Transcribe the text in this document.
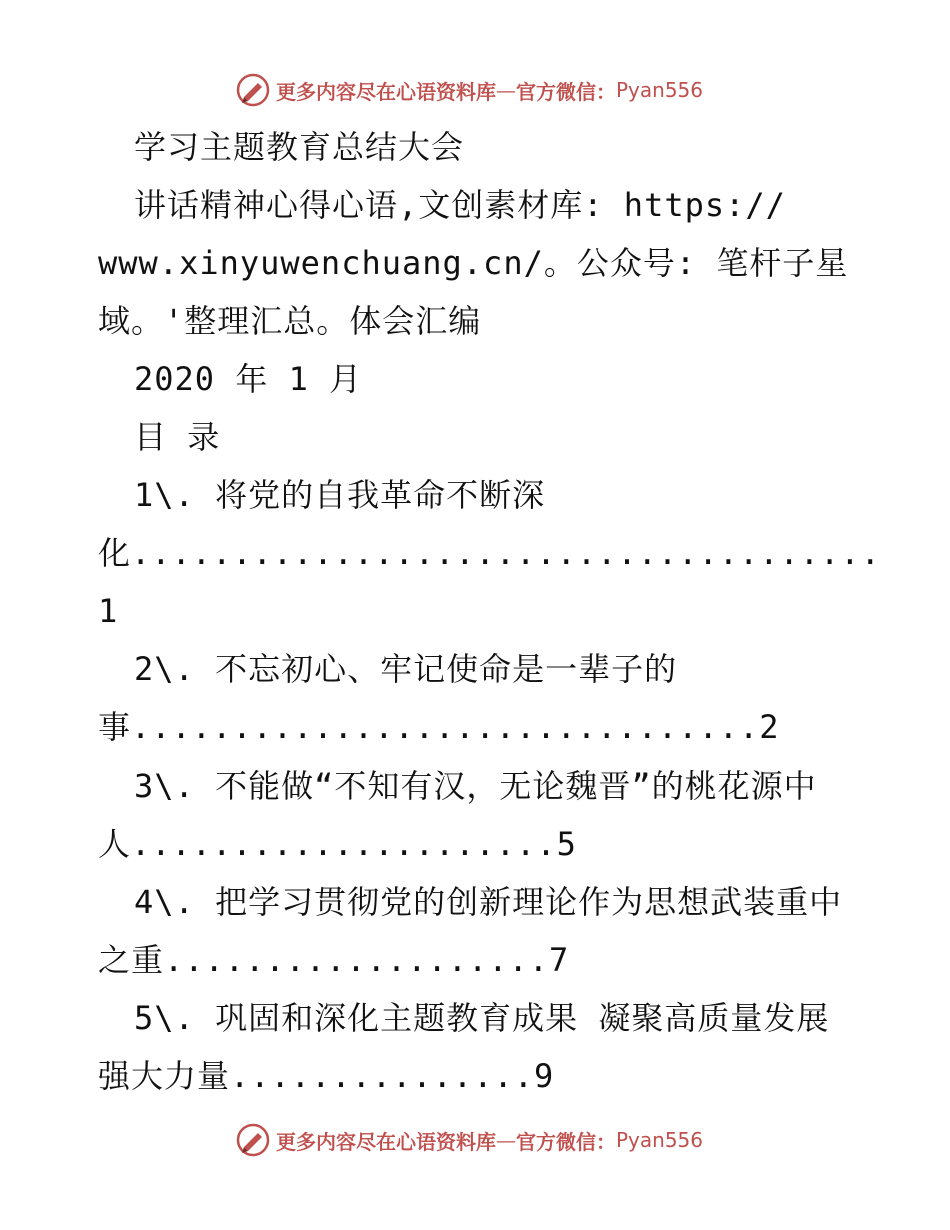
更多内容尽在心语资料库 — 官方微信： Pyan556
学习主题教育总结大会
讲话精神心得心语,文创素材库: https://
www.xinyuwenchuang.cn/。公众号: 笔杆子星
域。'整理汇总。体会汇编
2020 年 1 月
目 录
1\. 将党的自我革命不断深
化.....................................
1
2\. 不忘初心、牢记使命是一辈子的
事...............................2
3\. 不能做“不知有汉，无论魏晋”的桃花源中
人.....................5
4\. 把学习贯彻党的创新理论作为思想武装重中
之重...................7
5\. 巩固和深化主题教育成果 凝聚高质量发展
强大力量...............9
更多内容尽在心语资料库 — 官方微信： Pyan556
